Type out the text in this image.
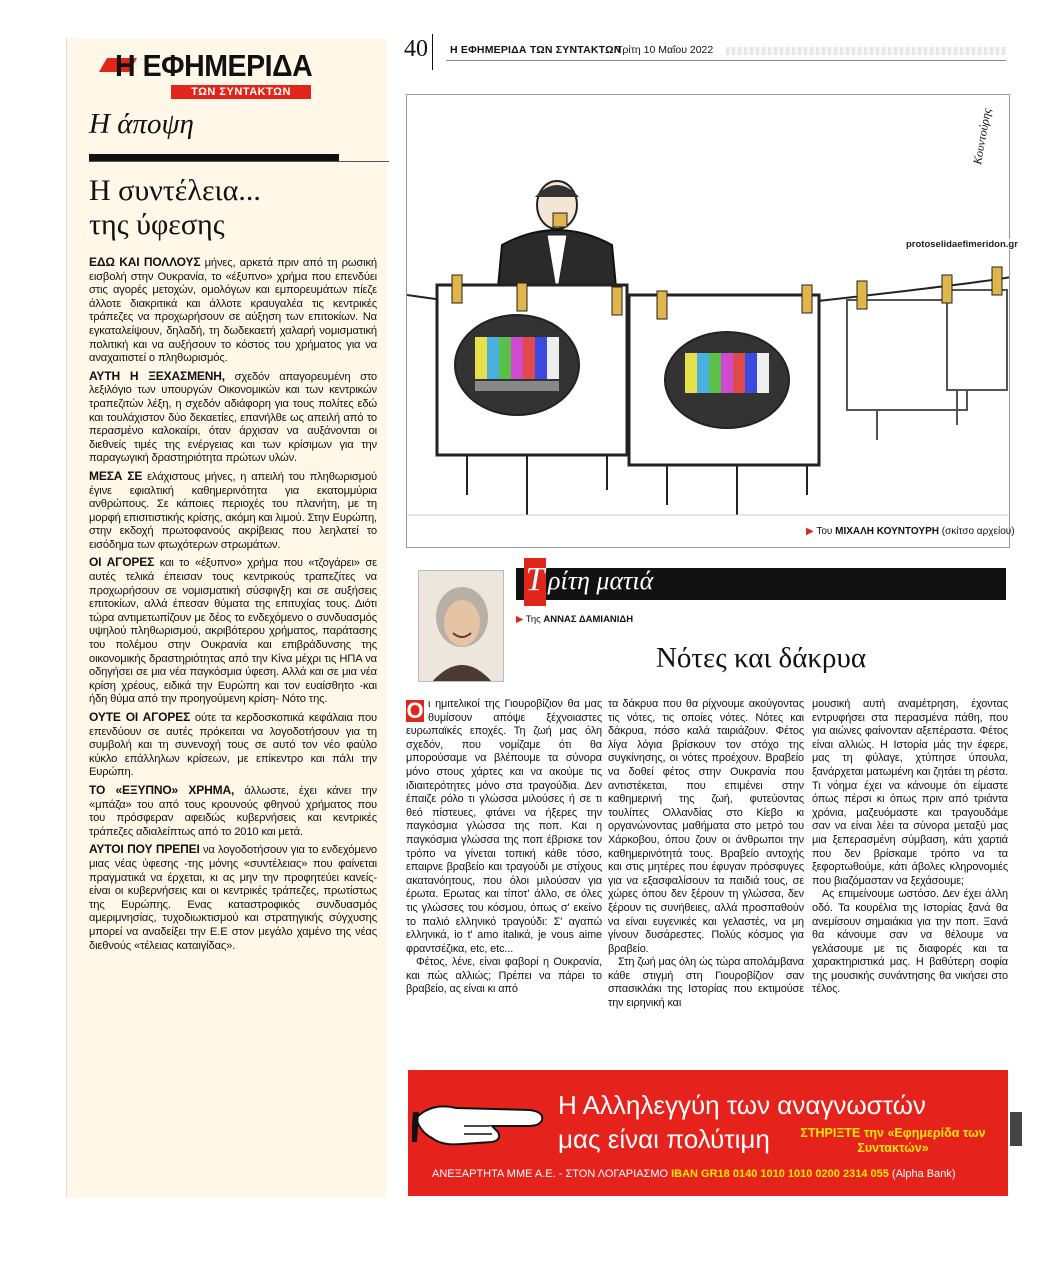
Η ΕΦΗΜΕΡΙΔΑ
ΤΩΝ ΣΥΝΤΑΚΤΩΝ
Η άποψη
Η συντέλεια...
της ύφεσης

ΕΔΩ ΚΑΙ ΠΟΛΛΟΥΣ μήνες, αρκετά πριν από τη ρωσική εισβολή στην Ουκρανία, το «έξυπνο» χρήμα που επενδύει στις αγορές μετοχών, ομολόγων και εμπορευμάτων πίεζε άλλοτε διακριτικά και άλλοτε κραυγαλέα τις κεντρικές τράπεζες να προχωρήσουν σε αύξηση των επιτοκίων. Να εγκαταλείψουν, δηλαδή, τη δωδεκαετή χαλαρή νομισματική πολιτική και να αυξήσουν το κόστος του χρήματος για να αναχαιτιστεί ο πληθωρισμός.

ΑΥΤΗ Η ΞΕΧΑΣΜΕΝΗ, σχεδόν απαγορευμένη στο λεξιλόγιο των υπουργών Οικονομικών και των κεντρικών τραπεζιτών λέξη, η σχεδόν αδιάφορη για τους πολίτες εδώ και τουλάχιστον δύο δεκαετίες, επανήλθε ως απειλή από το περασμένο καλοκαίρι, όταν άρχισαν να αυξάνονται οι διεθνείς τιμές της ενέργειας και των κρίσιμων για την παραγωγική δραστηριότητα πρώτων υλών.

ΜΕΣΑ ΣΕ ελάχιστους μήνες, η απειλή του πληθωρισμού έγινε εφιαλτική καθημερινότητα για εκατομμύρια ανθρώπους. Σε κάποιες περιοχές του πλανήτη, με τη μορφή επισιτιστικής κρίσης, ακόμη και λιμού. Στην Ευρώπη, στην εκδοχή πρωτοφανούς ακρίβειας που λεηλατεί το εισόδημα των φτωχότερων στρωμάτων.

ΟΙ ΑΓΟΡΕΣ και το «έξυπνο» χρήμα που «τζογάρει» σε αυτές τελικά έπεισαν τους κεντρικούς τραπεζίτες να προχωρήσουν σε νομισματική σύσφιγξη και σε αυξήσεις επιτοκίων, αλλά έπεσαν θύματα της επιτυχίας τους. Διότι τώρα αντιμετωπίζουν με δέος το ενδεχόμενο ο συνδυασμός υψηλού πληθωρισμού, ακριβότερου χρήματος, παράτασης του πολέμου στην Ουκρανία και επιβράδυνσης της οικονομικής δραστηριότητας από την Κίνα μέχρι τις ΗΠΑ να οδηγήσει σε μια νέα παγκόσμια ύφεση. Αλλά και σε μια νέα κρίση χρέους, ειδικά την Ευρώπη και τον ευαίσθητο -και ήδη θύμα από την προηγούμενη κρίση- Νότο της.

ΟΥΤΕ ΟΙ ΑΓΟΡΕΣ ούτε τα κερδοσκοπικά κεφάλαια που επενδύουν σε αυτές πρόκειται να λογοδοτήσουν για τη συμβολή και τη συνενοχή τους σε αυτό τον νέο φαύλο κύκλο επάλληλων κρίσεων, με επίκεντρο και πάλι την Ευρώπη.

ΤΟ «ΕΞΥΠΝΟ» ΧΡΗΜΑ, άλλωστε, έχει κάνει την «μπάζα» του από τους κρουνούς φθηνού χρήματος που του πρόσφεραν αφειδώς κυβερνήσεις και κεντρικές τράπεζες αδιαλείπτως από το 2010 και μετά.

ΑΥΤΟΙ ΠΟΥ ΠΡΕΠΕΙ να λογοδοτήσουν για το ενδεχόμενο μιας νέας ύφεσης -της μόνης «συντέλειας» που φαίνεται πραγματικά να έρχεται, κι ας μην την προφητεύει κανείς- είναι οι κυβερνήσεις και οι κεντρικές τράπεζες, πρωτίστως της Ευρώπης. Ενας καταστροφικός συνδυασμός αμεριμνησίας, τυχοδιωκτισμού και στρατηγικής σύγχυσης μπορεί να αναδείξει την Ε.Ε στον μεγάλο χαμένο της νέας διεθνούς «τέλειας καταιγίδας».

40 Η ΕΦΗΜΕΡΙΔΑ ΤΩΝ ΣΥΝΤΑΚΤΩΝ
Τρίτη 10 Μαΐου 2022
Κουντούρης
protoselidaefimeridon.gr
▶ Του ΜΙΧΑΛΗ ΚΟΥΝΤΟΥΡΗ (σκίτσο αρχείου)
Τ ρίτη ματιά
▶ Της ΑΝΝΑΣ ΔΑΜΙΑΝΙΔΗ
Νότες και δάκρυα

Ο ι ημιτελικοί της Γιουροβίζιον θα μας θυμίσουν απόψε ξέχνοιαστες ευρωπαϊκές εποχές. Τη ζωή μας όλη σχεδόν, που νομίζαμε ότι θα μπορούσαμε να βλέπουμε τα σύνορα μόνο στους χάρτες και να ακούμε τις ιδιαιτερότητες μόνο στα τραγούδια. Δεν έπαιζε ρόλο τι γλώσσα μιλούσες ή σε τι θεό πίστευες, φτάνει να ήξερες την παγκόσμια γλώσσα της ποπ. Και η παγκόσμια γλώσσα της ποπ έβρισκε τον τρόπο να γίνεται τοπική κάθε τόσο, επαιρνε βραβείο και τραγούδι με στίχους ακατανόητους, που όλοι μιλούσαν για έρωτα. Ερωτας και τίποτ' άλλο, σε όλες τις γλώσσες του κόσμου, όπως σ' εκείνο το παλιό ελληνικό τραγούδι: Σ' αγαπώ ελληνικά, io t' amo italικά, je vous aime φραντσέζικα, etc, etc...

Φέτος, λένε, είναι φαβορί η Ουκρανία, και πώς αλλιώς; Πρέπει να πάρει το βραβείο, ας είναι κι από

τα δάκρυα που θα ρίχνουμε ακούγοντας τις νότες, τις οποίες νότες. Νότες και δάκρυα, πόσο καλά ταιριάζουν. Φέτος λίγα λόγια βρίσκουν τον στόχο της συγκίνησης, οι νότες προέχουν. Βραβείο να δοθεί φέτος στην Ουκρανία που αντιστέκεται, που επιμένει στην καθημερινή της ζωή, φυτεύοντας τουλίπες Ολλανδίας στο Κίεβο κι οργανώνοντας μαθήματα στο μετρό του Χάρκοβου, όπου ζουν οι άνθρωποι την καθημερινότητά τους. Βραβείο αντοχής και στις μητέρες που έφυγαν πρόσφυγες για να εξασφαλίσουν τα παιδιά τους, σε χώρες όπου δεν ξέρουν τη γλώσσα, δεν ξέρουν τις συνήθειες, αλλά προσπαθούν να είναι ευγενικές και γελαστές, να μη γίνουν δυσάρεστες. Πολύς κόσμος για βραβείο.

Στη ζωή μας όλη ώς τώρα απολάμβανα κάθε στιγμή στη Γιουροβίζιον σαν σπασικλάκι της Ιστορίας που εκτιμούσε την ειρηνική και

μουσική αυτή αναμέτρηση, έχοντας εντρυφήσει στα περασμένα πάθη, που για αιώνες φαίνονταν αξεπέραστα. Φέτος είναι αλλιώς. Η Ιστορία μάς την έφερε, μας τη φύλαγε, χτύπησε ύπουλα, ξανάρχεται ματωμένη και ζητάει τη ρέστα. Τι νόημα έχει να κάνουμε ότι είμαστε όπως πέρσι κι όπως πριν από τριάντα χρόνια, μαζευόμαστε και τραγουδάμε σαν να είναι λέει τα σύνορα μεταξύ μας μια ξεπερασμένη σύμβαση, κάτι χαρτιά που δεν βρίσκαμε τρόπο να τα ξεφορτωθούμε, κάτι άβολες κληρονομιές που βιαζόμασταν να ξεχάσουμε;

Ας επιμείνουμε ωστόσο. Δεν έχει άλλη οδό. Τα κουρέλια της Ιστορίας ξανά θα ανεμίσουν σημαιάκια για την ποπ. Ξανά θα κάνουμε σαν να θέλουμε να γελάσουμε με τις διαφορές και τα χαρακτηριστικά μας. Η βαθύτερη σοφία της μουσικής συνάντησης θα νικήσει στο τέλος.

Η Αλληλεγγύη των αναγνωστών
μας είναι πολύτιμη	ΣΤΗΡΙΞΤΕ την «Εφημερίδα των Συντακτών»
ΑΝΕΞΑΡΤΗΤΑ ΜΜΕ Α.Ε. - ΣΤΟΝ ΛΟΓΑΡΙΑΣΜΟ IBAN GR18 0140 1010 1010 0200 2314 055 (Alpha Bank)
